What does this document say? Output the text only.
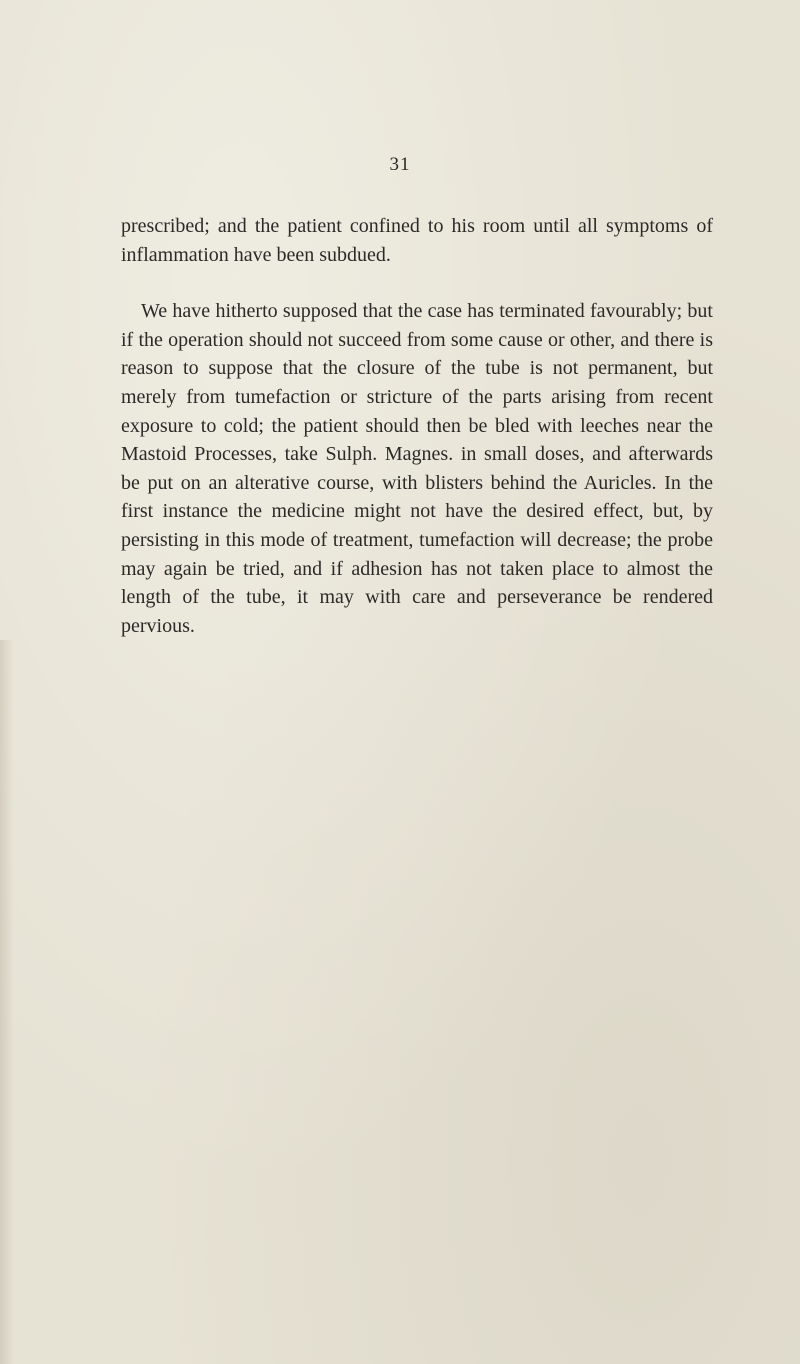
31

prescribed; and the patient confined to his room until all symptoms of inflammation have been subdued.

We have hitherto supposed that the case has terminated favourably; but if the operation should not succeed from some cause or other, and there is reason to suppose that the closure of the tube is not permanent, but merely from tumefaction or stricture of the parts arising from recent exposure to cold; the patient should then be bled with leeches near the Mastoid Processes, take Sulph. Magnes. in small doses, and afterwards be put on an alterative course, with blisters behind the Auricles. In the first instance the medicine might not have the desired effect, but, by persisting in this mode of treatment, tumefaction will decrease; the probe may again be tried, and if adhesion has not taken place to almost the length of the tube, it may with care and perseverance be rendered pervious.
